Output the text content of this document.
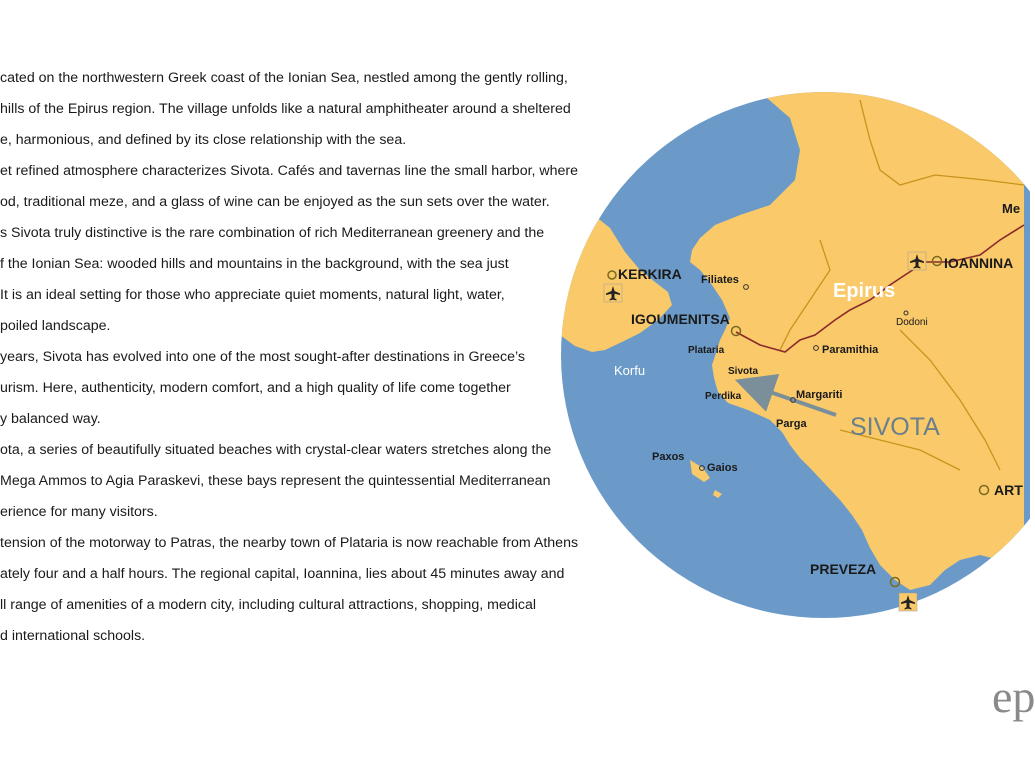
cated on the northwestern Greek coast of the Ionian Sea, nestled among the gently rolling,
hills of the Epirus region. The village unfolds like a natural amphitheater around a sheltered
e, harmonious, and defined by its close relationship with the sea.
et refined atmosphere characterizes Sivota. Cafés and tavernas line the small harbor, where
od, traditional meze, and a glass of wine can be enjoyed as the sun sets over the water.
s Sivota truly distinctive is the rare combination of rich Mediterranean greenery and the
f the Ionian Sea: wooded hills and mountains in the background, with the sea just
It is an ideal setting for those who appreciate quiet moments, natural light, water,
poiled landscape.
years, Sivota has evolved into one of the most sought-after destinations in Greece’s
urism. Here, authenticity, modern comfort, and a high quality of life come together
y balanced way.
ota, a series of beautifully situated beaches with crystal-clear waters stretches along the
Mega Ammos to Agia Paraskevi, these bays represent the quintessential Mediterranean
erience for many visitors.
tension of the motorway to Patras, the nearby town of Plataria is now reachable from Athens
ately four and a half hours. The regional capital, Ioannina, lies about 45 minutes away and
ll range of amenities of a modern city, including cultural attractions, shopping, medical
d international schools.
KERKIRA Filiates	Epirus
IGOUMENITSA	Dodoni
Plataria	Paramithia
Korfu	Sivota
Perdika	Margariti
Parga SIVOTA
Paxos
Gaios
PREVEZA
IOANNINA
Me
ART
ep
